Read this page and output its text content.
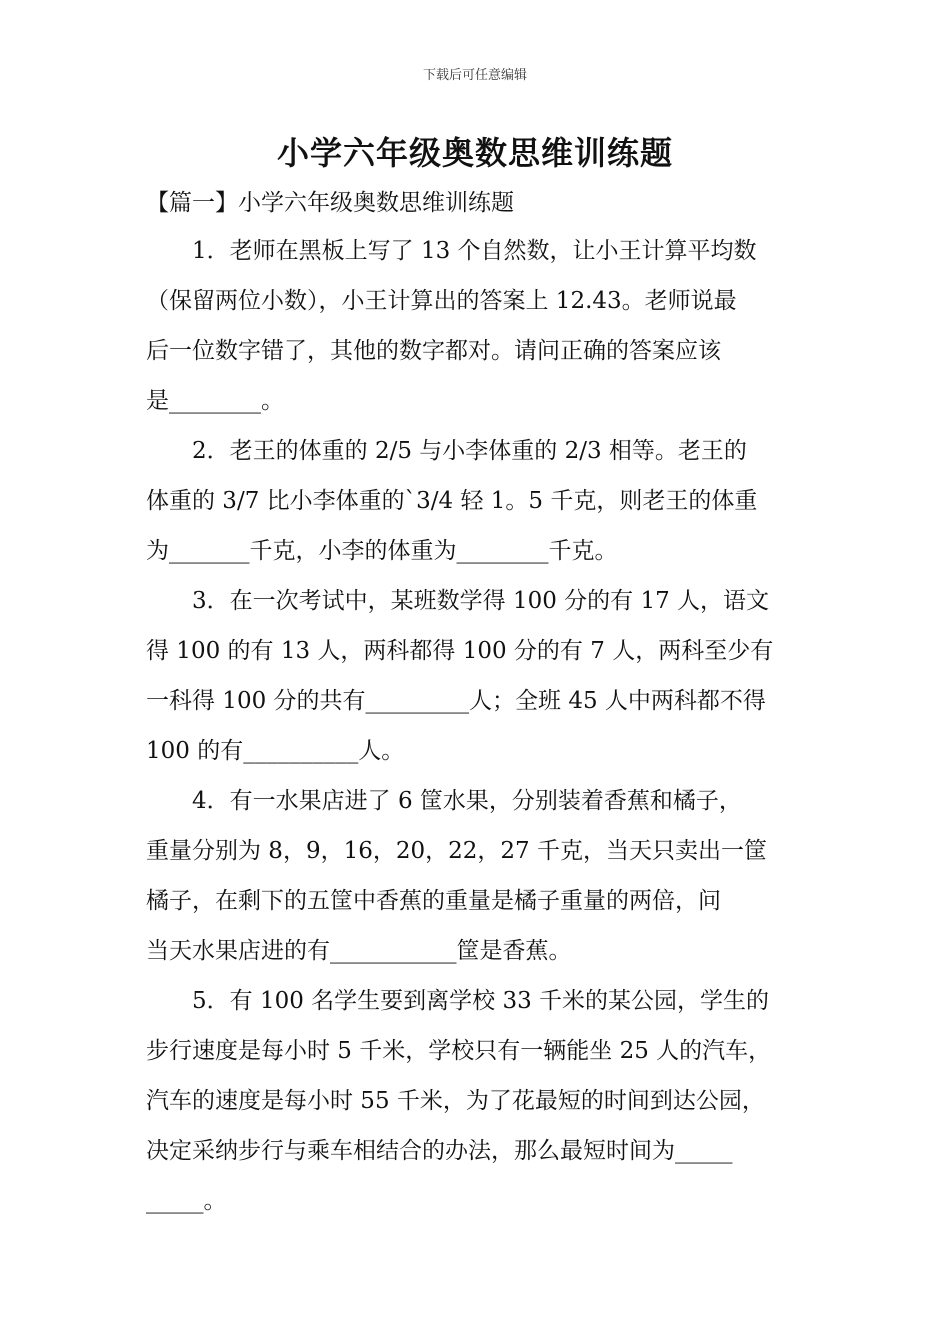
下载后可任意编辑
小学六年级奥数思维训练题
【篇一】小学六年级奥数思维训练题
1．老师在黑板上写了 13 个自然数，让小王计算平均数
（保留两位小数），小王计算出的答案上 12.43。老师说最
后一位数字错了，其他的数字都对。请问正确的答案应该
是________。
2．老王的体重的 2/5 与小李体重的 2/3 相等。老王的
体重的 3/7 比小李体重的`3/4 轻 1。5 千克，则老王的体重
为_______千克，小李的体重为________千克。
3．在一次考试中，某班数学得 100 分的有 17 人，语文
得 100 的有 13 人，两科都得 100 分的有 7 人，两科至少有
一科得 100 分的共有_________人；全班 45 人中两科都不得
100 的有__________人。
4．有一水果店进了 6 筐水果，分别装着香蕉和橘子，
重量分别为 8，9，16，20，22，27 千克，当天只卖出一筐
橘子，在剩下的五筐中香蕉的重量是橘子重量的两倍，问
当天水果店进的有___________筐是香蕉。
5．有 100 名学生要到离学校 33 千米的某公园，学生的
步行速度是每小时 5 千米，学校只有一辆能坐 25 人的汽车，
汽车的速度是每小时 55 千米，为了花最短的时间到达公园，
决定采纳步行与乘车相结合的办法，那么最短时间为_____
_____。
